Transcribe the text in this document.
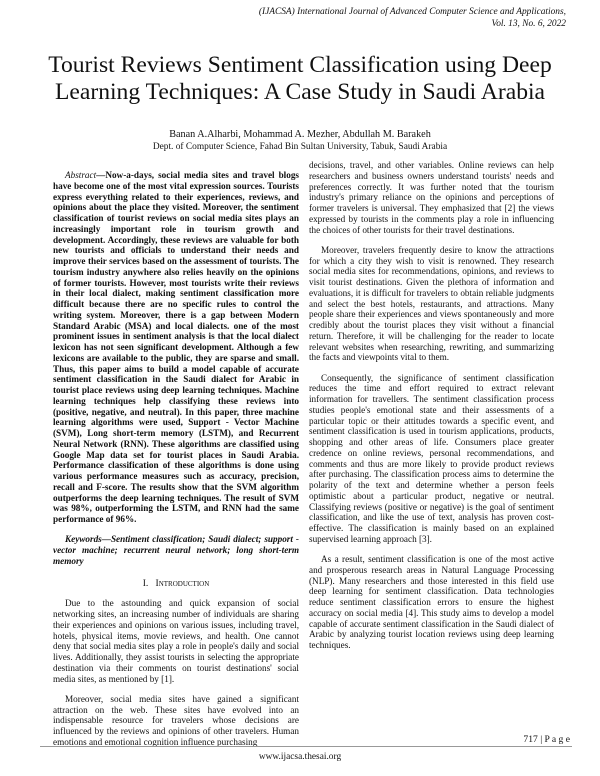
(IJACSA) International Journal of Advanced Computer Science and Applications,
Vol. 13, No. 6, 2022
Tourist Reviews Sentiment Classification using Deep
Learning Techniques: A Case Study in Saudi Arabia
Banan A.Alharbi, Mohammad A. Mezher, Abdullah M. Barakeh
Dept. of Computer Science, Fahad Bin Sultan University, Tabuk, Saudi Arabia

Abstract—Now-a-days, social media sites and travel blogs have become one of the most vital expression sources. Tourists express everything related to their experiences, reviews, and opinions about the place they visited. Moreover, the sentiment classification of tourist reviews on social media sites plays an increasingly important role in tourism growth and development. Accordingly, these reviews are valuable for both new tourists and officials to understand their needs and improve their services based on the assessment of tourists. The tourism industry anywhere also relies heavily on the opinions of former tourists. However, most tourists write their reviews in their local dialect, making sentiment classification more difficult because there are no specific rules to control the writing system. Moreover, there is a gap between Modern Standard Arabic (MSA) and local dialects. one of the most prominent issues in sentiment analysis is that the local dialect lexicon has not seen significant development. Although a few lexicons are available to the public, they are sparse and small. Thus, this paper aims to build a model capable of accurate sentiment classification in the Saudi dialect for Arabic in tourist place reviews using deep learning techniques. Machine learning techniques help classifying these reviews into (positive, negative, and neutral). In this paper, three machine learning algorithms were used, Support - Vector Machine (SVM), Long short-term memory (LSTM), and Recurrent Neural Network (RNN). These algorithms are classified using Google Map data set for tourist places in Saudi Arabia. Performance classification of these algorithms is done using various performance measures such as accuracy, precision, recall and F-score. The results show that the SVM algorithm outperforms the deep learning techniques. The result of SVM was 98%, outperforming the LSTM, and RNN had the same performance of 96%.

Keywords—Sentiment classification; Saudi dialect; support - vector machine; recurrent neural network; long short-term memory

I. Introduction

Due to the astounding and quick expansion of social networking sites, an increasing number of individuals are sharing their experiences and opinions on various issues, including travel, hotels, physical items, movie reviews, and health. One cannot deny that social media sites play a role in people's daily and social lives. Additionally, they assist tourists in selecting the appropriate destination via their comments on tourist destinations' social media sites, as mentioned by [1].

Moreover, social media sites have gained a significant attraction on the web. These sites have evolved into an indispensable resource for travelers whose decisions are influenced by the reviews and opinions of other travelers. Human emotions and emotional cognition influence purchasing

decisions, travel, and other variables. Online reviews can help researchers and business owners understand tourists' needs and preferences correctly. It was further noted that the tourism industry's primary reliance on the opinions and perceptions of former travelers is universal. They emphasized that [2] the views expressed by tourists in the comments play a role in influencing the choices of other tourists for their travel destinations.

Moreover, travelers frequently desire to know the attractions for which a city they wish to visit is renowned. They research social media sites for recommendations, opinions, and reviews to visit tourist destinations. Given the plethora of information and evaluations, it is difficult for travelers to obtain reliable judgments and select the best hotels, restaurants, and attractions. Many people share their experiences and views spontaneously and more credibly about the tourist places they visit without a financial return. Therefore, it will be challenging for the reader to locate relevant websites when researching, rewriting, and summarizing the facts and viewpoints vital to them.

Consequently, the significance of sentiment classification reduces the time and effort required to extract relevant information for travellers. The sentiment classification process studies people's emotional state and their assessments of a particular topic or their attitudes towards a specific event, and sentiment classification is used in tourism applications, products, shopping and other areas of life. Consumers place greater credence on online reviews, personal recommendations, and comments and thus are more likely to provide product reviews after purchasing. The classification process aims to determine the polarity of the text and determine whether a person feels optimistic about a particular product, negative or neutral. Classifying reviews (positive or negative) is the goal of sentiment classification, and like the use of text, analysis has proven cost-effective. The classification is mainly based on an explained supervised learning approach [3].

As a result, sentiment classification is one of the most active and prosperous research areas in Natural Language Processing (NLP). Many researchers and those interested in this field use deep learning for sentiment classification. Data technologies reduce sentiment classification errors to ensure the highest accuracy on social media [4]. This study aims to develop a model capable of accurate sentiment classification in the Saudi dialect of Arabic by analyzing tourist location reviews using deep learning techniques.

717 | P a g e
www.ijacsa.thesai.org
